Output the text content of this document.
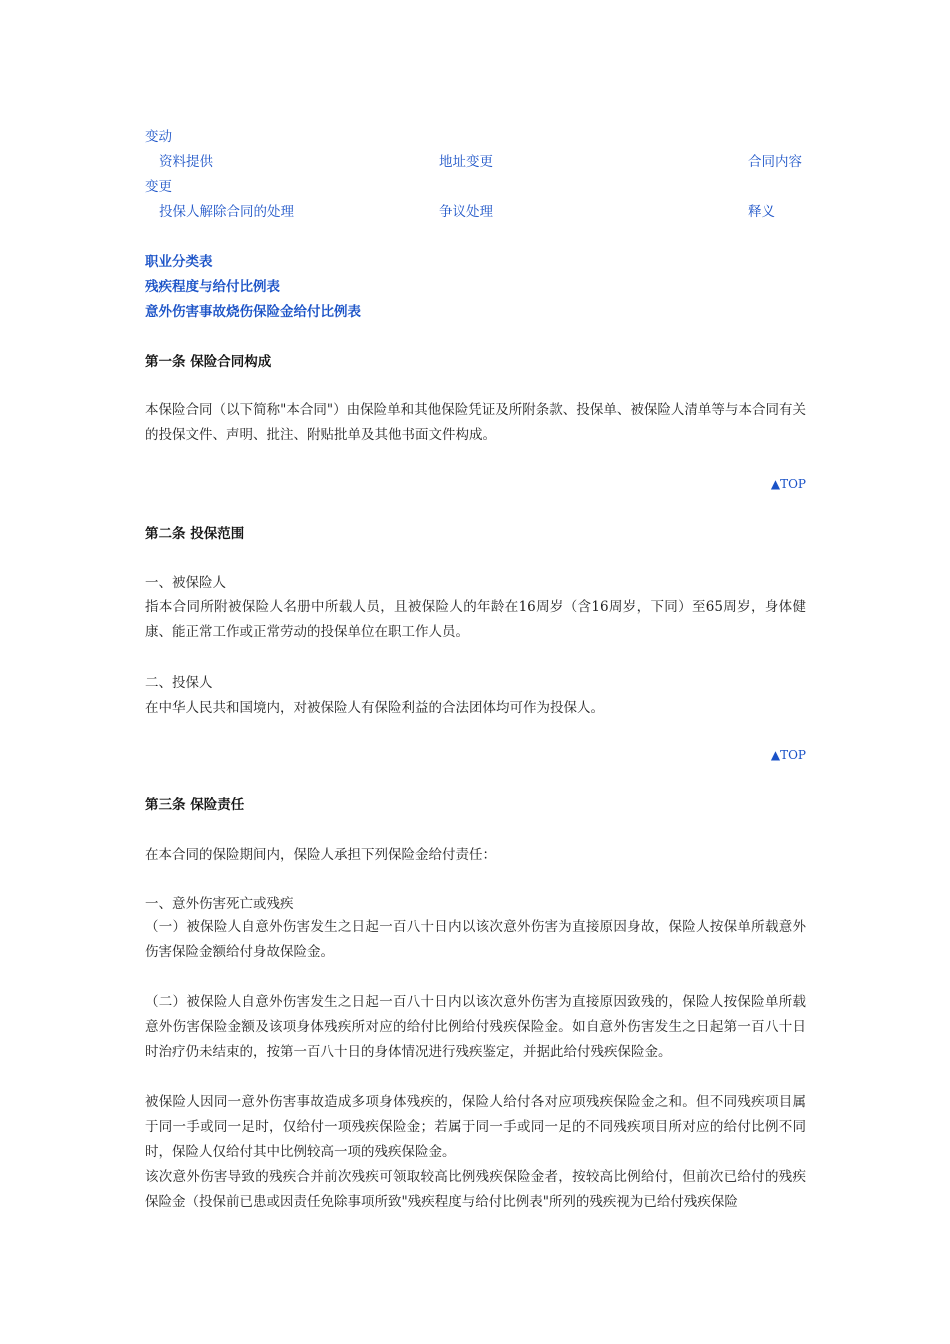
变动
资料提供	地址变更	合同内容
变更
投保人解除合同的处理	争议处理	释义
职业分类表
残疾程度与给付比例表
意外伤害事故烧伤保险金给付比例表
第一条 保险合同构成
本保险合同（以下简称"本合同"）由保险单和其他保险凭证及所附条款、投保单、被保险人清单等与本合同有关的投保文件、声明、批注、附贴批单及其他书面文件构成。
▲TOP
第二条 投保范围
一、被保险人
指本合同所附被保险人名册中所载人员，且被保险人的年龄在16周岁（含16周岁，下同）至65周岁，身体健康、能正常工作或正常劳动的投保单位在职工作人员。
二、投保人
在中华人民共和国境内，对被保险人有保险利益的合法团体均可作为投保人。
▲TOP
第三条 保险责任
在本合同的保险期间内，保险人承担下列保险金给付责任：
一、意外伤害死亡或残疾
（一）被保险人自意外伤害发生之日起一百八十日内以该次意外伤害为直接原因身故，保险人按保单所载意外伤害保险金额给付身故保险金。
（二）被保险人自意外伤害发生之日起一百八十日内以该次意外伤害为直接原因致残的，保险人按保险单所载意外伤害保险金额及该项身体残疾所对应的给付比例给付残疾保险金。如自意外伤害发生之日起第一百八十日时治疗仍未结束的，按第一百八十日的身体情况进行残疾鉴定，并据此给付残疾保险金。
被保险人因同一意外伤害事故造成多项身体残疾的，保险人给付各对应项残疾保险金之和。但不同残疾项目属于同一手或同一足时，仅给付一项残疾保险金；若属于同一手或同一足的不同残疾项目所对应的给付比例不同时，保险人仅给付其中比例较高一项的残疾保险金。
该次意外伤害导致的残疾合并前次残疾可领取较高比例残疾保险金者，按较高比例给付，但前次已给付的残疾保险金（投保前已患或因责任免除事项所致"残疾程度与给付比例表"所列的残疾视为已给付残疾保险
